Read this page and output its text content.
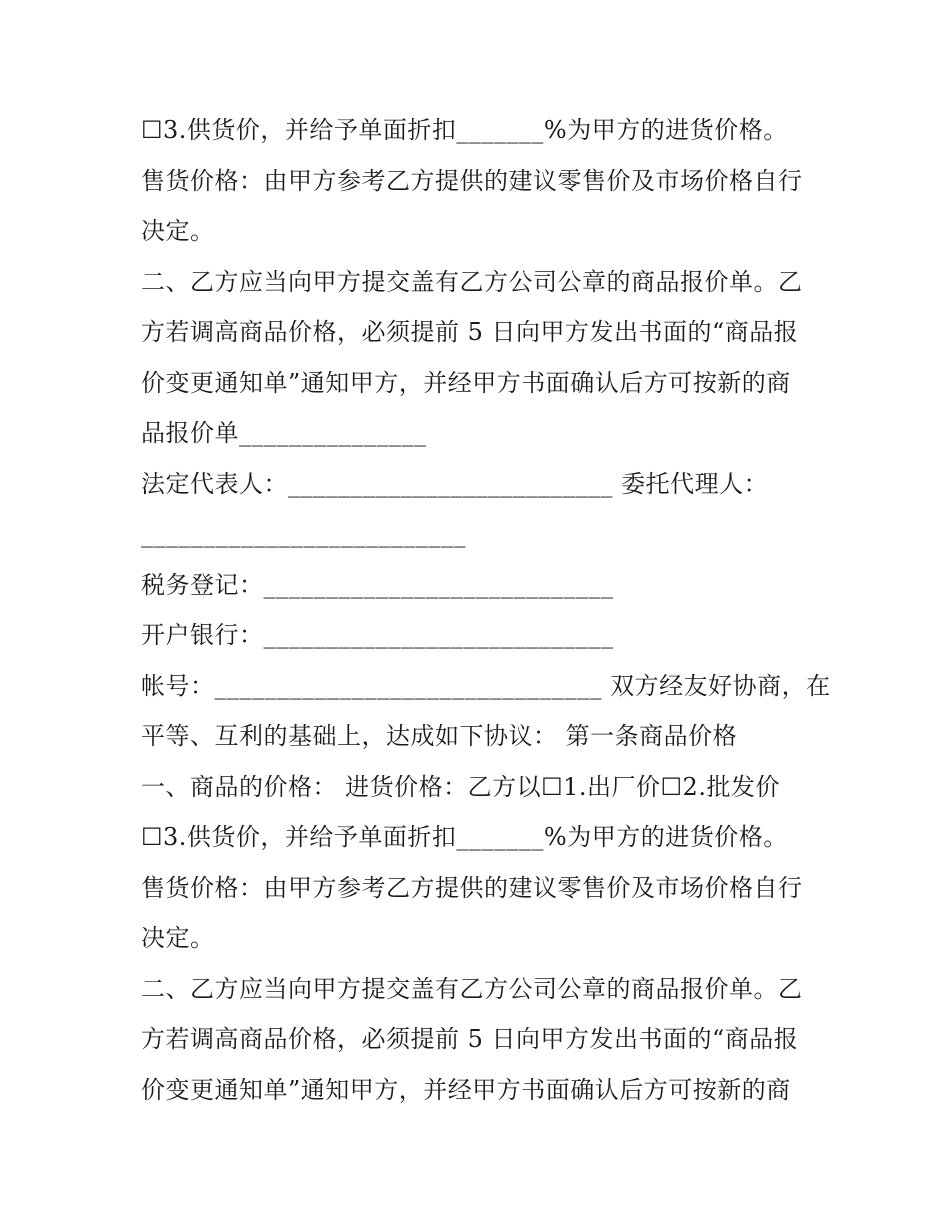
☐3.供货价，并给予单面折扣_______%为甲方的进货价格。
售货价格：由甲方参考乙方提供的建议零售价及市场价格自行
决定。
二、乙方应当向甲方提交盖有乙方公司公章的商品报价单。乙
方若调高商品价格，必须提前 5 日向甲方发出书面的“商品报
价变更通知单”通知甲方，并经甲方书面确认后方可按新的商
品报价单_______________
法定代表人：__________________________ 委托代理人：
__________________________
税务登记：____________________________
开户银行：____________________________
帐号：_______________________________ 双方经友好协商，在
平等、互利的基础上，达成如下协议： 第一条商品价格
一、商品的价格： 进货价格：乙方以☐1.出厂价☐2.批发价
☐3.供货价，并给予单面折扣_______%为甲方的进货价格。
售货价格：由甲方参考乙方提供的建议零售价及市场价格自行
决定。
二、乙方应当向甲方提交盖有乙方公司公章的商品报价单。乙
方若调高商品价格，必须提前 5 日向甲方发出书面的“商品报
价变更通知单”通知甲方，并经甲方书面确认后方可按新的商
